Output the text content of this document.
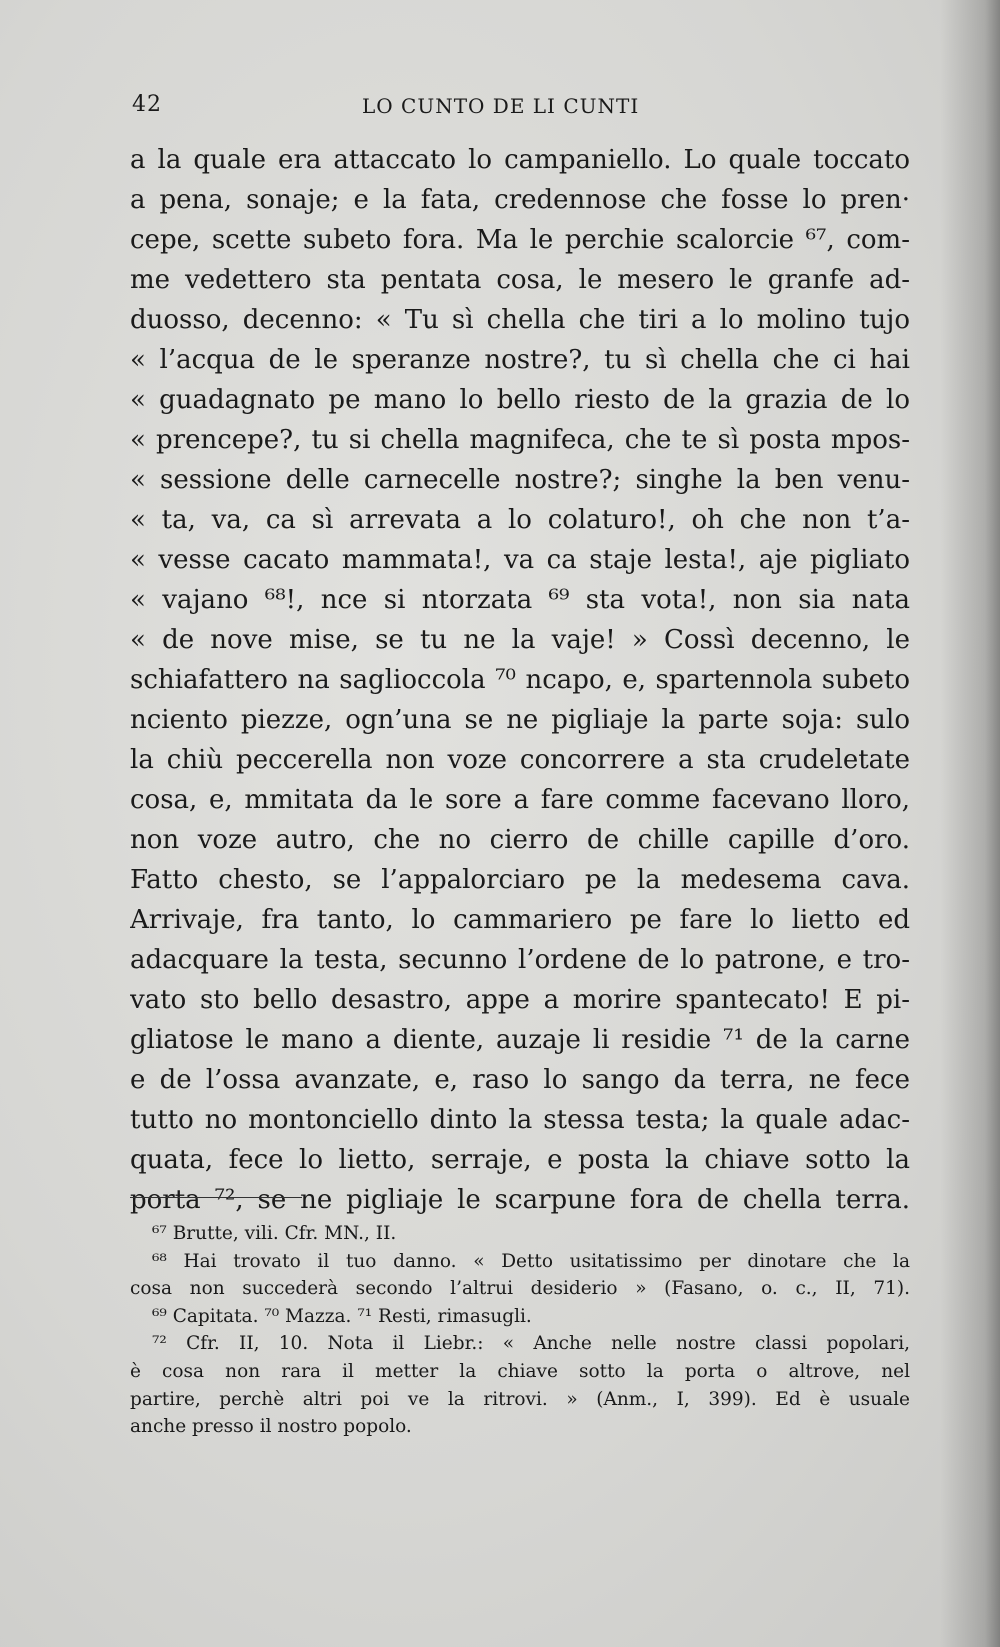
42	LO CUNTO DE LI CUNTI
a la quale era attaccato lo campaniello. Lo quale toccato
a pena, sonaje; e la fata, credennose che fosse lo pren·
cepe, scette subeto fora. Ma le perchie scalorcie ⁶⁷, com-
me vedettero sta pentata cosa, le mesero le granfe ad-
duosso, decenno: « Tu sì chella che tiri a lo molino tujo
« l’acqua de le speranze nostre?, tu sì chella che ci hai
« guadagnato pe mano lo bello riesto de la grazia de lo
« prencepe?, tu si chella magnifeca, che te sì posta mpos-
« sessione delle carnecelle nostre?; singhe la ben venu-
« ta, va, ca sì arrevata a lo colaturo!, oh che non t’a-
« vesse cacato mammata!, va ca staje lesta!, aje pigliato
« vajano ⁶⁸!, nce si ntorzata ⁶⁹ sta vota!, non sia nata
« de nove mise, se tu ne la vaje! » Cossì decenno, le
schiafattero na saglioccola ⁷⁰ ncapo, e, spartennola subeto
nciento piezze, ogn’una se ne pigliaje la parte soja: sulo
la chiù peccerella non voze concorrere a sta crudeletate
cosa, e, mmitata da le sore a fare comme facevano lloro,
non voze autro, che no cierro de chille capille d’oro.
Fatto chesto, se l’appalorciaro pe la medesema cava.
Arrivaje, fra tanto, lo cammariero pe fare lo lietto ed
adacquare la testa, secunno l’ordene de lo patrone, e tro-
vato sto bello desastro, appe a morire spantecato! E pi-
gliatose le mano a diente, auzaje li residie ⁷¹ de la carne
e de l’ossa avanzate, e, raso lo sango da terra, ne fece
tutto no montonciello dinto la stessa testa; la quale adac-
quata, fece lo lietto, serraje, e posta la chiave sotto la
porta ⁷², se ne pigliaje le scarpune fora de chella terra.
⁶⁷ Brutte, vili. Cfr. MN., II.
⁶⁸ Hai trovato il tuo danno. « Detto usitatissimo per dinotare che la
cosa non succederà secondo l’altrui desiderio » (Fasano, o. c., II, 71).
⁶⁹ Capitata. ⁷⁰ Mazza. ⁷¹ Resti, rimasugli.
⁷² Cfr. II, 10. Nota il Liebr.: « Anche nelle nostre classi popolari,
è cosa non rara il metter la chiave sotto la porta o altrove, nel
partire, perchè altri poi ve la ritrovi. » (Anm., I, 399). Ed è usuale
anche presso il nostro popolo.
